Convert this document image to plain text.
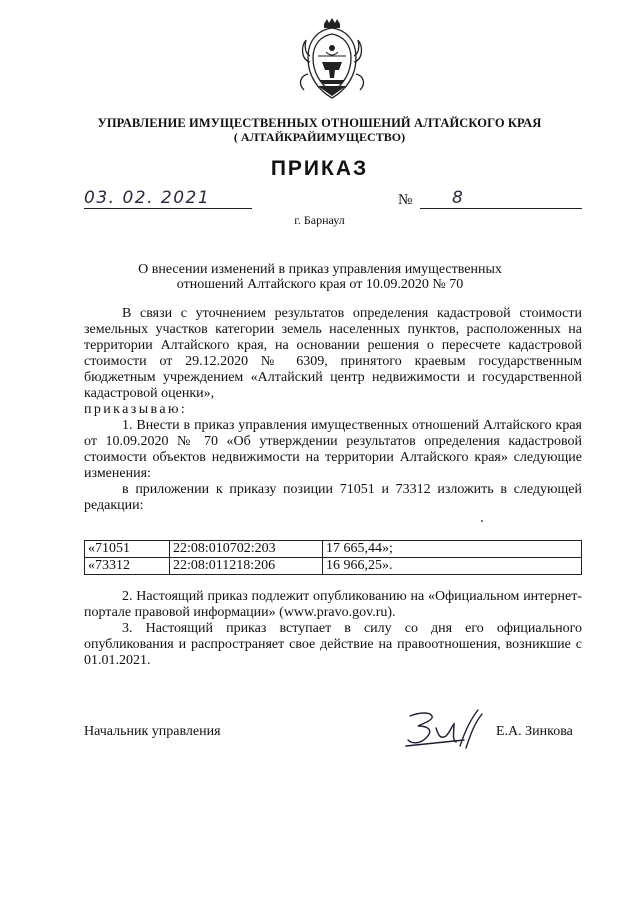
УПРАВЛЕНИЕ ИМУЩЕСТВЕННЫХ ОТНОШЕНИЙ АЛТАЙСКОГО КРАЯ
( АЛТАЙКРАЙИМУЩЕСТВО)
ПРИКАЗ
03. 02. 2021	№	8
г. Барнаул
О внесении изменений в приказ управления имущественных
отношений Алтайского края от 10.09.2020 № 70

В связи с уточнением результатов определения кадастровой стоимости земельных участков категории земель населенных пунктов, расположенных на территории Алтайского края, на основании решения о пересчете кадастровой стоимости от 29.12.2020 № 6309, принятого краевым государственным бюджетным учреждением «Алтайский центр недвижимости и государственной кадастровой оценки»,

приказываю:

1. Внести в приказ управления имущественных отношений Алтайского края от 10.09.2020 № 70 «Об утверждении результатов определения кадастровой стоимости объектов недвижимости на территории Алтайского края» следующие изменения:

в приложении к приказу позиции 71051 и 73312 изложить в следующей редакции:

«71051	22:08:010702:203	17 665,44»;
«73312	22:08:011218:206	16 966,25».

2. Настоящий приказ подлежит опубликованию на «Официальном интернет-портале правовой информации» (www.pravo.gov.ru).

3. Настоящий приказ вступает в силу со дня его официального опубликования и распространяет свое действие на правоотношения, возникшие с 01.01.2021.

Начальник управления	Е.А. Зинкова
